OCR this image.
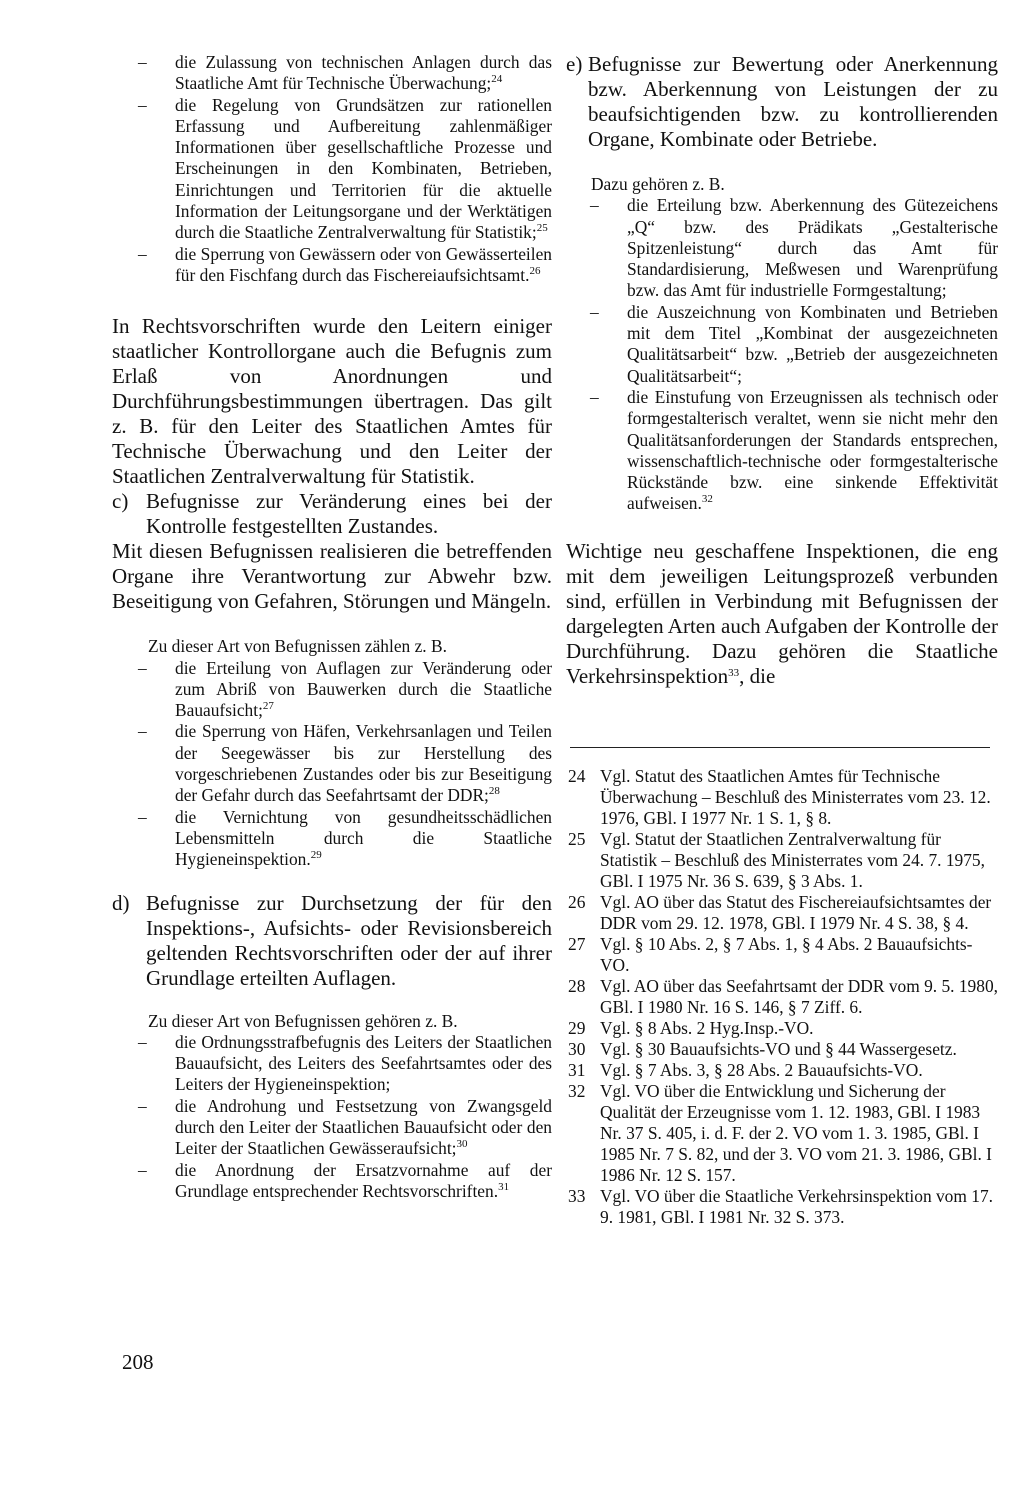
– die Zulassung von technischen Anlagen durch das Staatliche Amt für Technische Überwachung;$^{24}$
– die Regelung von Grundsätzen zur rationellen Erfassung und Aufbereitung zahlenmäßiger Informationen über gesellschaftliche Prozesse und Erscheinungen in den Kombinaten, Betrieben, Einrichtungen und Territorien für die aktuelle Information der Leitungsorgane und der Werktätigen durch die Staatliche Zentralverwaltung für Statistik;$^{25}$
– die Sperrung von Gewässern oder von Gewässerteilen für den Fischfang durch das Fischereiaufsichtsamt.$^{26}$

In Rechtsvorschriften wurde den Leitern einiger staatlicher Kontrollorgane auch die Befugnis zum Erlaß von Anordnungen und Durchführungsbestimmungen übertragen. Das gilt z. B. für den Leiter des Staatlichen Amtes für Technische Überwachung und den Leiter der Staatlichen Zentralverwaltung für Statistik.

c) Befugnisse zur Veränderung eines bei der Kontrolle festgestellten Zustandes.

Mit diesen Befugnissen realisieren die betreffenden Organe ihre Verantwortung zur Abwehr bzw. Beseitigung von Gefahren, Störungen und Mängeln.

Zu dieser Art von Befugnissen zählen z. B.
– die Erteilung von Auflagen zur Veränderung oder zum Abriß von Bauwerken durch die Staatliche Bauaufsicht;$^{27}$
– die Sperrung von Häfen, Verkehrsanlagen und Teilen der Seegewässer bis zur Herstellung des vorgeschriebenen Zustandes oder bis zur Beseitigung der Gefahr durch das Seefahrtsamt der DDR;$^{28}$
– die Vernichtung von gesundheitsschädlichen Lebensmitteln durch die Staatliche Hygieneinspektion.$^{29}$
d) Befugnisse zur Durchsetzung der für den Inspektions-, Aufsichts- oder Revisionsbereich geltenden Rechtsvorschriften oder der auf ihrer Grundlage erteilten Auflagen.
Zu dieser Art von Befugnissen gehören z. B.
– die Ordnungsstrafbefugnis des Leiters der Staatlichen Bauaufsicht, des Leiters des Seefahrtsamtes oder des Leiters der Hygieneinspektion;
– die Androhung und Festsetzung von Zwangsgeld durch den Leiter der Staatlichen Bauaufsicht oder den Leiter der Staatlichen Gewässeraufsicht;$^{30}$
– die Anordnung der Ersatzvornahme auf der Grundlage entsprechender Rechtsvorschriften.$^{31}$
208
e) Befugnisse zur Bewertung oder Anerkennung bzw. Aberkennung von Leistungen der zu beaufsichtigenden bzw. zu kontrollierenden Organe, Kombinate oder Betriebe.
Dazu gehören z. B.
– die Erteilung bzw. Aberkennung des Gütezeichens „Q“ bzw. des Prädikats „Gestalterische Spitzenleistung“ durch das Amt für Standardisierung, Meßwesen und Warenprüfung bzw. das Amt für industrielle Formgestaltung;
– die Auszeichnung von Kombinaten und Betrieben mit dem Titel „Kombinat der ausgezeichneten Qualitätsarbeit“ bzw. „Betrieb der ausgezeichneten Qualitätsarbeit“;
– die Einstufung von Erzeugnissen als technisch oder formgestalterisch veraltet, wenn sie nicht mehr den Qualitätsanforderungen der Standards entsprechen, wissenschaftlich-technische oder formgestalterische Rückstände bzw. eine sinkende Effektivität aufweisen.$^{32}$

Wichtige neu geschaffene Inspektionen, die eng mit dem jeweiligen Leitungsprozeß verbunden sind, erfüllen in Verbindung mit Befugnissen der dargelegten Arten auch Aufgaben der Kontrolle der Durchführung. Dazu gehören die Staatliche Verkehrsinspektion$^{33}$, die

24 Vgl. Statut des Staatlichen Amtes für Technische Überwachung – Beschluß des Ministerrates vom 23. 12. 1976, GBl. I 1977 Nr. 1 S. 1, § 8.
25 Vgl. Statut der Staatlichen Zentralverwaltung für Statistik – Beschluß des Ministerrates vom 24. 7. 1975, GBl. I 1975 Nr. 36 S. 639, § 3 Abs. 1.
26 Vgl. AO über das Statut des Fischereiaufsichtsamtes der DDR vom 29. 12. 1978, GBl. I 1979 Nr. 4 S. 38, § 4.
27 Vgl. § 10 Abs. 2, § 7 Abs. 1, § 4 Abs. 2 Bauaufsichts-VO.
28 Vgl. AO über das Seefahrtsamt der DDR vom 9. 5. 1980, GBl. I 1980 Nr. 16 S. 146, § 7 Ziff. 6.
29 Vgl. § 8 Abs. 2 Hyg.Insp.-VO.
30 Vgl. § 30 Bauaufsichts-VO und § 44 Wassergesetz.
31 Vgl. § 7 Abs. 3, § 28 Abs. 2 Bauaufsichts-VO.
32 Vgl. VO über die Entwicklung und Sicherung der Qualität der Erzeugnisse vom 1. 12. 1983, GBl. I 1983 Nr. 37 S. 405, i. d. F. der 2. VO vom 1. 3. 1985, GBl. I 1985 Nr. 7 S. 82, und der 3. VO vom 21. 3. 1986, GBl. I 1986 Nr. 12 S. 157.
33 Vgl. VO über die Staatliche Verkehrsinspektion vom 17. 9. 1981, GBl. I 1981 Nr. 32 S. 373.
